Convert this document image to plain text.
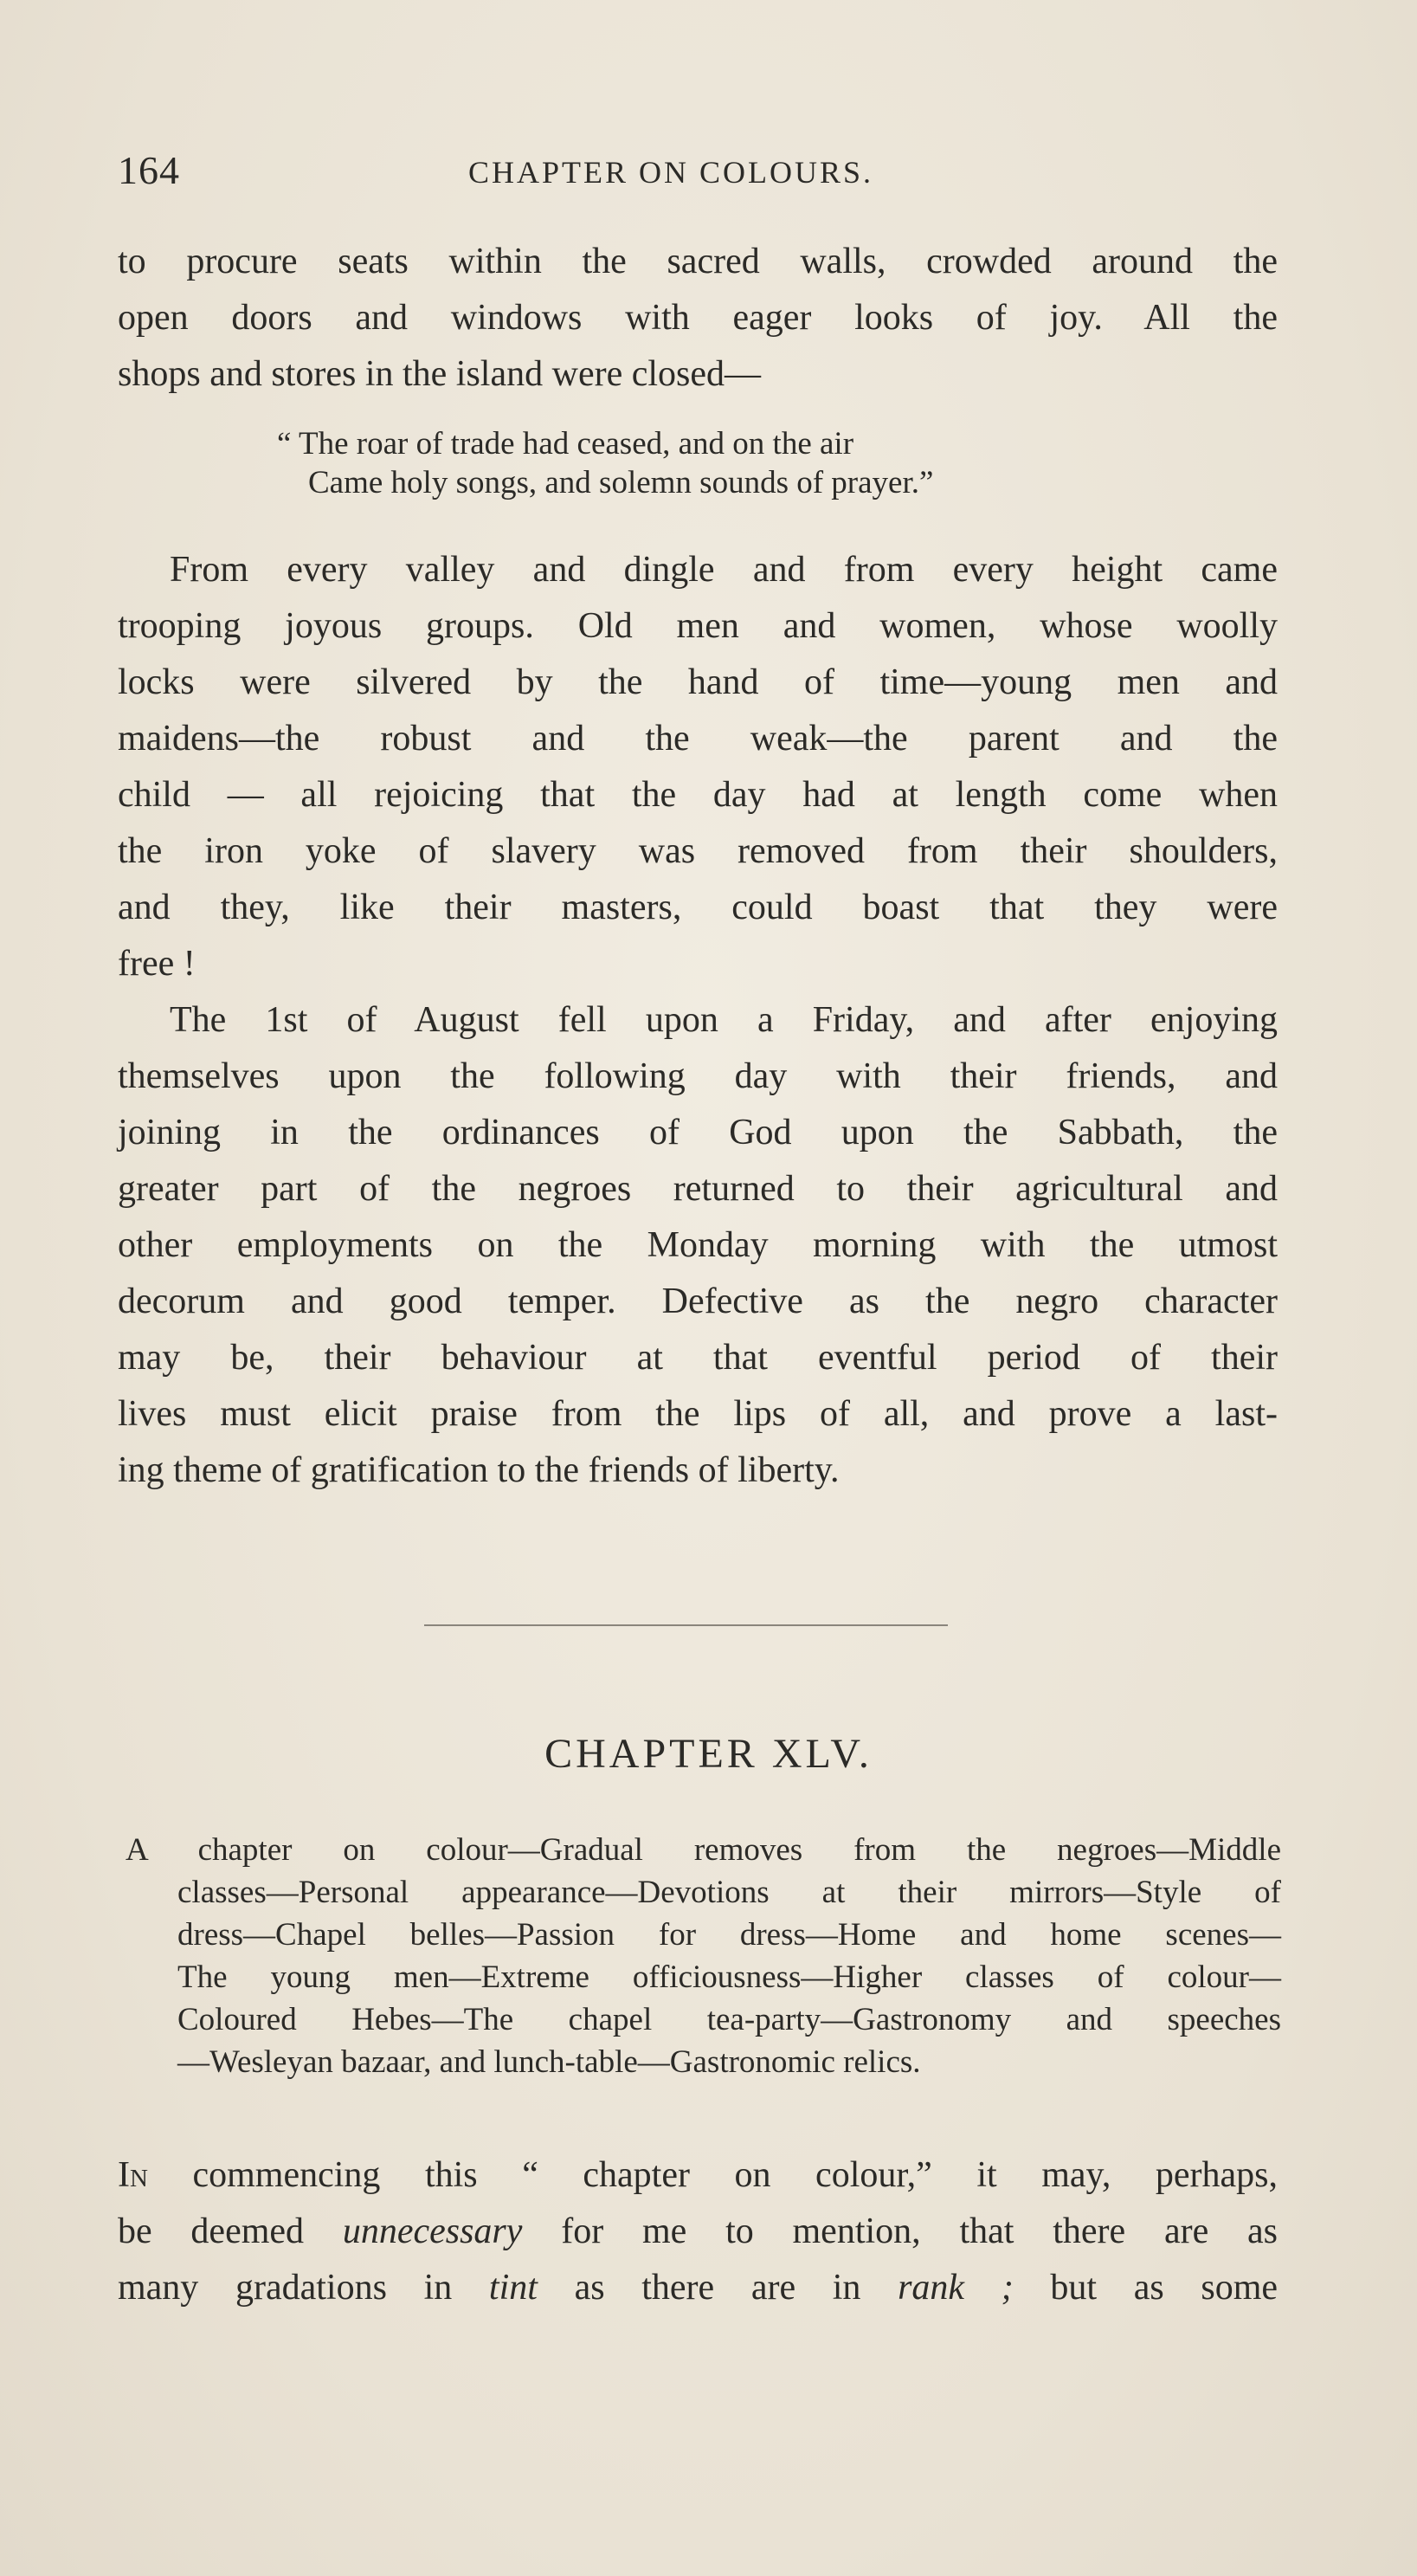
164	CHAPTER ON COLOURS.
to procure seats within the sacred walls, crowded around the
open doors and windows with eager looks of joy. All the
shops and stores in the island were closed—
“ The roar of trade had ceased, and on the air
Came holy songs, and solemn sounds of prayer.”
From every valley and dingle and from every height came
trooping joyous groups. Old men and women, whose woolly
locks were silvered by the hand of time—young men and
maidens—the robust and the weak—the parent and the
child — all rejoicing that the day had at length come when
the iron yoke of slavery was removed from their shoulders,
and they, like their masters, could boast that they were
free !
The 1st of August fell upon a Friday, and after enjoying
themselves upon the following day with their friends, and
joining in the ordinances of God upon the Sabbath, the
greater part of the negroes returned to their agricultural and
other employments on the Monday morning with the utmost
decorum and good temper. Defective as the negro character
may be, their behaviour at that eventful period of their
lives must elicit praise from the lips of all, and prove a last-
ing theme of gratification to the friends of liberty.
CHAPTER XLV.
A chapter on colour—Gradual removes from the negroes—Middle
classes—Personal appearance—Devotions at their mirrors—Style of
dress—Chapel belles—Passion for dress—Home and home scenes—
The young men—Extreme officiousness—Higher classes of colour—
Coloured Hebes—The chapel tea-party—Gastronomy and speeches
—Wesleyan bazaar, and lunch-table—Gastronomic relics.
In commencing this “ chapter on colour,” it may, perhaps,
be deemed unnecessary for me to mention, that there are as
many gradations in tint as there are in rank ; but as some
